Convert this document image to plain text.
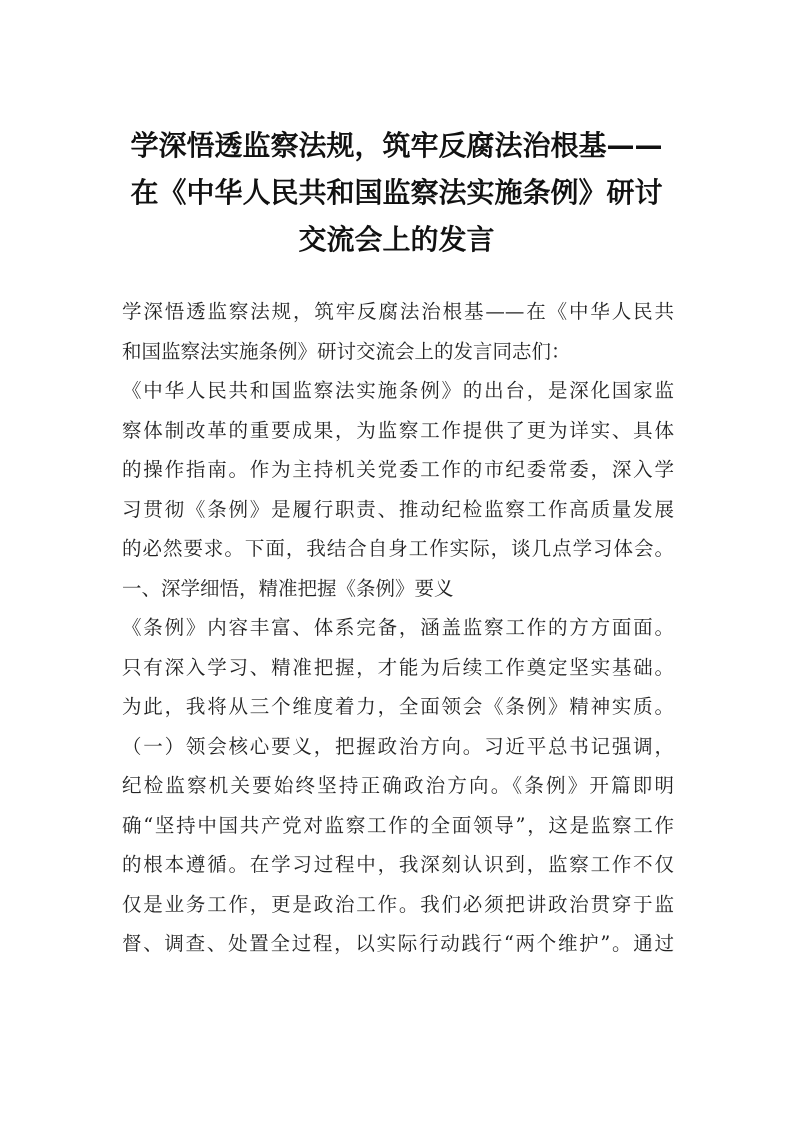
学深悟透监察法规，筑牢反腐法治根基——
在《中华人民共和国监察法实施条例》研讨
交流会上的发言
学深悟透监察法规，筑牢反腐法治根基——在《中华人民共
和国监察法实施条例》研讨交流会上的发言同志们：
《中华人民共和国监察法实施条例》的出台，是深化国家监
察体制改革的重要成果，为监察工作提供了更为详实、具体
的操作指南。作为主持机关党委工作的市纪委常委，深入学
习贯彻《条例》是履行职责、推动纪检监察工作高质量发展
的必然要求。下面，我结合自身工作实际，谈几点学习体会。
一、深学细悟，精准把握《条例》要义
《条例》内容丰富、体系完备，涵盖监察工作的方方面面。
只有深入学习、精准把握，才能为后续工作奠定坚实基础。
为此，我将从三个维度着力，全面领会《条例》精神实质。
（一）领会核心要义，把握政治方向。习近平总书记强调，
纪检监察机关要始终坚持正确政治方向。《条例》开篇即明
确“坚持中国共产党对监察工作的全面领导”，这是监察工作
的根本遵循。在学习过程中，我深刻认识到，监察工作不仅
仅是业务工作，更是政治工作。我们必须把讲政治贯穿于监
督、调查、处置全过程，以实际行动践行“两个维护”。通过
